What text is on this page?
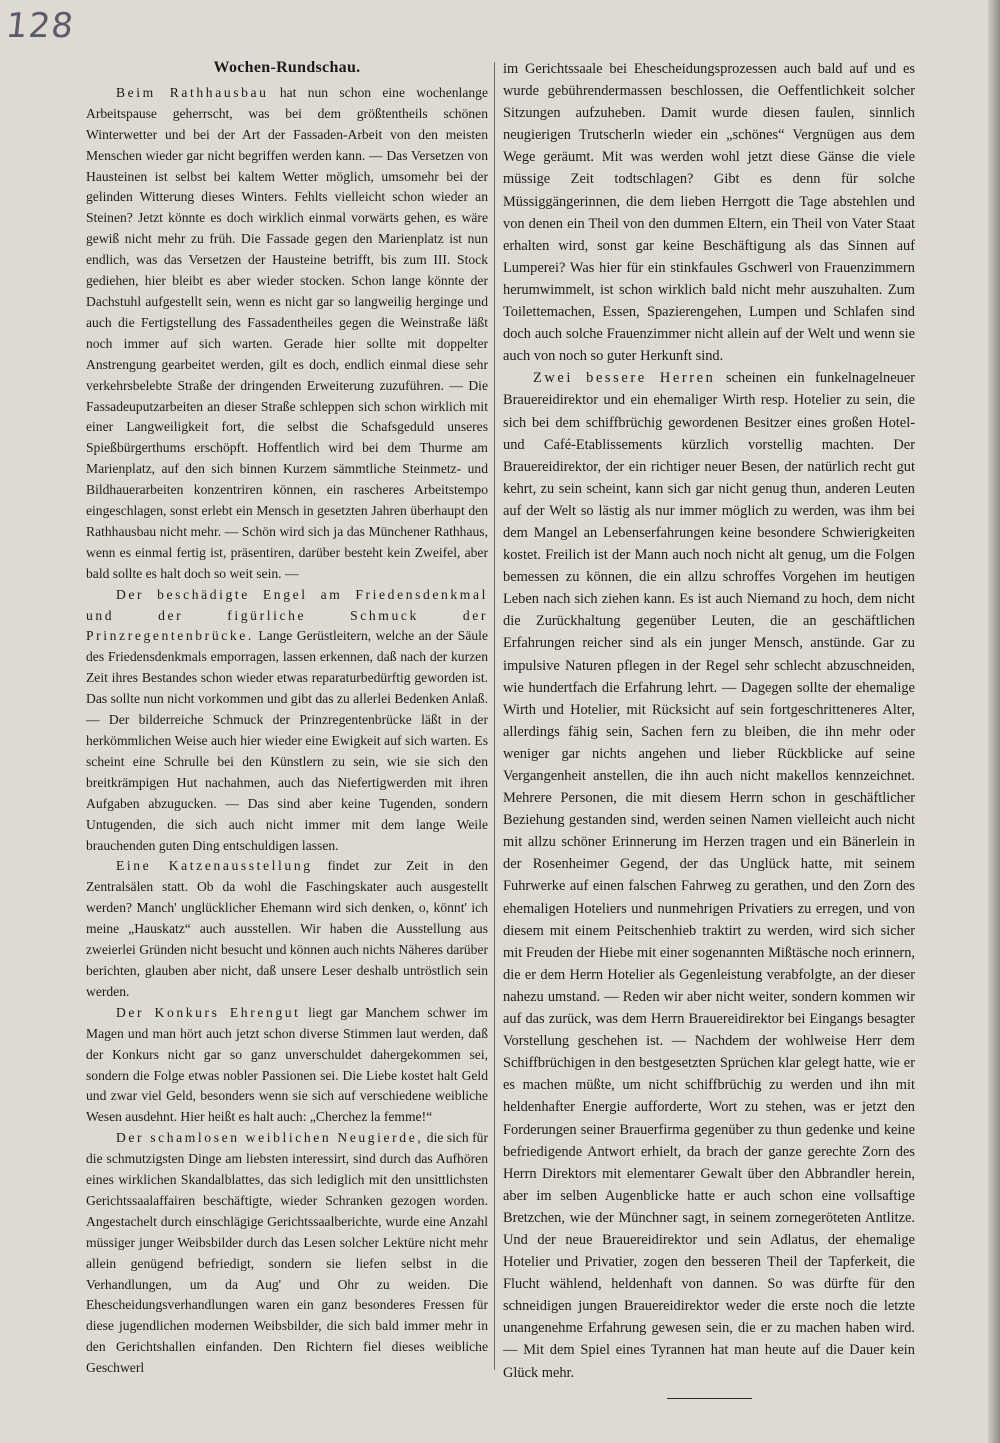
128
Wochen-Rundschau.

Beim Rathhausbau hat nun schon eine wochenlange Arbeitspause geherrscht, was bei dem größtentheils schönen Winterwetter und bei der Art der Fassaden-Arbeit von den meisten Menschen wieder gar nicht begriffen werden kann. — Das Versetzen von Hausteinen ist selbst bei kaltem Wetter möglich, umsomehr bei der gelinden Witterung dieses Winters. Fehlts vielleicht schon wieder an Steinen? Jetzt könnte es doch wirklich einmal vorwärts gehen, es wäre gewiß nicht mehr zu früh. Die Fassade gegen den Marienplatz ist nun endlich, was das Versetzen der Hausteine betrifft, bis zum III. Stock gediehen, hier bleibt es aber wieder stocken. Schon lange könnte der Dachstuhl aufgestellt sein, wenn es nicht gar so langweilig herginge und auch die Fertigstellung des Fassadentheiles gegen die Weinstraße läßt noch immer auf sich warten. Gerade hier sollte mit doppelter Anstrengung gearbeitet werden, gilt es doch, endlich einmal diese sehr verkehrsbelebte Straße der dringenden Erweiterung zuzuführen. — Die Fassadeuputzarbeiten an dieser Straße schleppen sich schon wirklich mit einer Langweiligkeit fort, die selbst die Schafsgeduld unseres Spießbürgerthums erschöpft. Hoffentlich wird bei dem Thurme am Marienplatz, auf den sich binnen Kurzem sämmtliche Steinmetz- und Bildhauerarbeiten konzentriren können, ein rascheres Arbeitstempo eingeschlagen, sonst erlebt ein Mensch in gesetzten Jahren überhaupt den Rathhausbau nicht mehr. — Schön wird sich ja das Münchener Rathhaus, wenn es einmal fertig ist, präsentiren, darüber besteht kein Zweifel, aber bald sollte es halt doch so weit sein. —

Der beschädigte Engel am Friedensdenkmal und der figürliche Schmuck der Prinzregentenbrücke. Lange Gerüstleitern, welche an der Säule des Friedensdenkmals emporragen, lassen erkennen, daß nach der kurzen Zeit ihres Bestandes schon wieder etwas reparaturbedürftig geworden ist. Das sollte nun nicht vorkommen und gibt das zu allerlei Bedenken Anlaß. — Der bilderreiche Schmuck der Prinzregentenbrücke läßt in der herkömmlichen Weise auch hier wieder eine Ewigkeit auf sich warten. Es scheint eine Schrulle bei den Künstlern zu sein, wie sie sich den breitkrämpigen Hut nachahmen, auch das Niefertigwerden mit ihren Aufgaben abzugucken. — Das sind aber keine Tugenden, sondern Untugenden, die sich auch nicht immer mit dem lange Weile brauchenden guten Ding entschuldigen lassen.

Eine Katzenausstellung findet zur Zeit in den Zentralsälen statt. Ob da wohl die Faschingskater auch ausgestellt werden? Manch' unglücklicher Ehemann wird sich denken, o, könnt' ich meine „Hauskatz“ auch ausstellen. Wir haben die Ausstellung aus zweierlei Gründen nicht besucht und können auch nichts Näheres darüber berichten, glauben aber nicht, daß unsere Leser deshalb untröstlich sein werden.

Der Konkurs Ehrengut liegt gar Manchem schwer im Magen und man hört auch jetzt schon diverse Stimmen laut werden, daß der Konkurs nicht gar so ganz unverschuldet dahergekommen sei, sondern die Folge etwas nobler Passionen sei. Die Liebe kostet halt Geld und zwar viel Geld, besonders wenn sie sich auf verschiedene weibliche Wesen ausdehnt. Hier heißt es halt auch: „Cherchez la femme!“

Der schamlosen weiblichen Neugierde, die sich für die schmutzigsten Dinge am liebsten interessirt, sind durch das Aufhören eines wirklichen Skandalblattes, das sich lediglich mit den unsittlichsten Gerichtssaalaffairen beschäftigte, wieder Schranken gezogen worden. Angestachelt durch einschlägige Gerichtssaalberichte, wurde eine Anzahl müssiger junger Weibsbilder durch das Lesen solcher Lektüre nicht mehr allein genügend befriedigt, sondern sie liefen selbst in die Verhandlungen, um da Aug' und Ohr zu weiden. Die Ehescheidungsverhandlungen waren ein ganz besonderes Fressen für diese jugendlichen modernen Weibsbilder, die sich bald immer mehr in den Gerichtshallen einfanden. Den Richtern fiel dieses weibliche Geschwerl

im Gerichtssaale bei Ehescheidungsprozessen auch bald auf und es wurde gebührendermassen beschlossen, die Oeffentlichkeit solcher Sitzungen aufzuheben. Damit wurde diesen faulen, sinnlich neugierigen Trutscherln wieder ein „schönes“ Vergnügen aus dem Wege geräumt. Mit was werden wohl jetzt diese Gänse die viele müssige Zeit todtschlagen? Gibt es denn für solche Müssiggängerinnen, die dem lieben Herrgott die Tage abstehlen und von denen ein Theil von den dummen Eltern, ein Theil von Vater Staat erhalten wird, sonst gar keine Beschäftigung als das Sinnen auf Lumperei? Was hier für ein stinkfaules Gschwerl von Frauenzimmern herumwimmelt, ist schon wirklich bald nicht mehr auszuhalten. Zum Toilettemachen, Essen, Spazierengehen, Lumpen und Schlafen sind doch auch solche Frauenzimmer nicht allein auf der Welt und wenn sie auch von noch so guter Herkunft sind.

Zwei bessere Herren scheinen ein funkelnagelneuer Brauereidirektor und ein ehemaliger Wirth resp. Hotelier zu sein, die sich bei dem schiffbrüchig gewordenen Besitzer eines großen Hotel- und Café-Etablissements kürzlich vorstellig machten. Der Brauereidirektor, der ein richtiger neuer Besen, der natürlich recht gut kehrt, zu sein scheint, kann sich gar nicht genug thun, anderen Leuten auf der Welt so lästig als nur immer möglich zu werden, was ihm bei dem Mangel an Lebenserfahrungen keine besondere Schwierigkeiten kostet. Freilich ist der Mann auch noch nicht alt genug, um die Folgen bemessen zu können, die ein allzu schroffes Vorgehen im heutigen Leben nach sich ziehen kann. Es ist auch Niemand zu hoch, dem nicht die Zurückhaltung gegenüber Leuten, die an geschäftlichen Erfahrungen reicher sind als ein junger Mensch, anstünde. Gar zu impulsive Naturen pflegen in der Regel sehr schlecht abzuschneiden, wie hundertfach die Erfahrung lehrt. — Dagegen sollte der ehemalige Wirth und Hotelier, mit Rücksicht auf sein fortgeschritteneres Alter, allerdings fähig sein, Sachen fern zu bleiben, die ihn mehr oder weniger gar nichts angehen und lieber Rückblicke auf seine Vergangenheit anstellen, die ihn auch nicht makellos kennzeichnet. Mehrere Personen, die mit diesem Herrn schon in geschäftlicher Beziehung gestanden sind, werden seinen Namen vielleicht auch nicht mit allzu schöner Erinnerung im Herzen tragen und ein Bänerlein in der Rosenheimer Gegend, der das Unglück hatte, mit seinem Fuhrwerke auf einen falschen Fahrweg zu gerathen, und den Zorn des ehemaligen Hoteliers und nunmehrigen Privatiers zu erregen, und von diesem mit einem Peitschenhieb traktirt zu werden, wird sich sicher mit Freuden der Hiebe mit einer sogenannten Mißtäsche noch erinnern, die er dem Herrn Hotelier als Gegenleistung verabfolgte, an der dieser nahezu umstand. — Reden wir aber nicht weiter, sondern kommen wir auf das zurück, was dem Herrn Brauereidirektor bei Eingangs besagter Vorstellung geschehen ist. — Nachdem der wohlweise Herr dem Schiffbrüchigen in den bestgesetzten Sprüchen klar gelegt hatte, wie er es machen müßte, um nicht schiffbrüchig zu werden und ihn mit heldenhafter Energie aufforderte, Wort zu stehen, was er jetzt den Forderungen seiner Brauerfirma gegenüber zu thun gedenke und keine befriedigende Antwort erhielt, da brach der ganze gerechte Zorn des Herrn Direktors mit elementarer Gewalt über den Abbrandler herein, aber im selben Augenblicke hatte er auch schon eine vollsaftige Bretzchen, wie der Münchner sagt, in seinem zornegeröteten Antlitze. Und der neue Brauereidirektor und sein Adlatus, der ehemalige Hotelier und Privatier, zogen den besseren Theil der Tapferkeit, die Flucht wählend, heldenhaft von dannen. So was dürfte für den schneidigen jungen Brauereidirektor weder die erste noch die letzte unangenehme Erfahrung gewesen sein, die er zu machen haben wird. — Mit dem Spiel eines Tyrannen hat man heute auf die Dauer kein Glück mehr.
